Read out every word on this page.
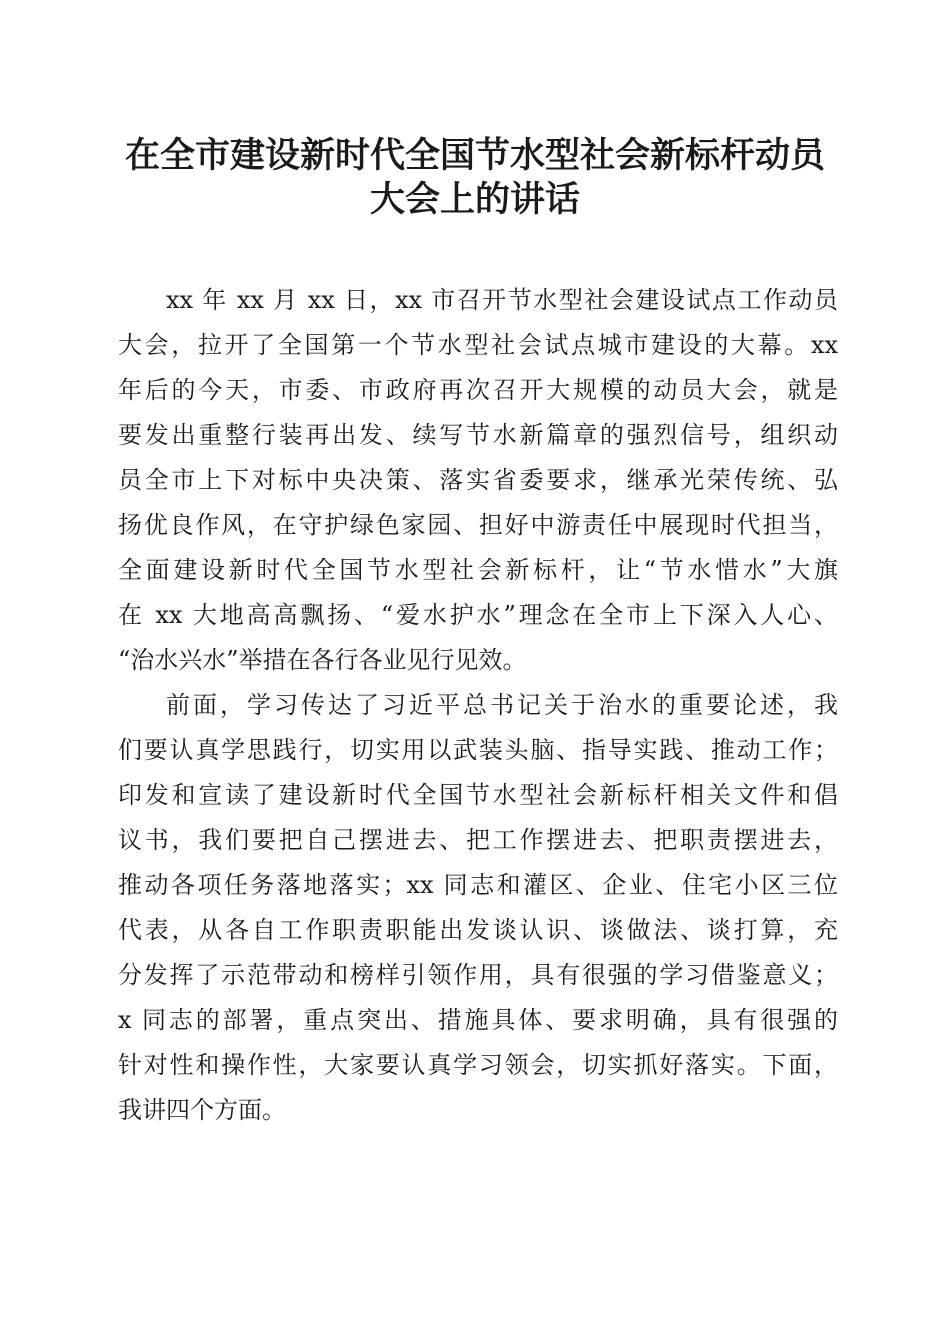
在全市建设新时代全国节水型社会新标杆动员
大会上的讲话

xx 年 xx 月 xx 日，xx 市召开节水型社会建设试点工作动员
大会，拉开了全国第一个节水型社会试点城市建设的大幕。xx
年后的今天，市委、市政府再次召开大规模的动员大会，就是
要发出重整行装再出发、续写节水新篇章的强烈信号，组织动
员全市上下对标中央决策、落实省委要求，继承光荣传统、弘
扬优良作风，在守护绿色家园、担好中游责任中展现时代担当，
全面建设新时代全国节水型社会新标杆，让“节水惜水”大旗
在 xx 大地高高飘扬、“爱水护水”理念在全市上下深入人心、
“治水兴水”举措在各行各业见行见效。

前面，学习传达了习近平总书记关于治水的重要论述，我
们要认真学思践行，切实用以武装头脑、指导实践、推动工作；
印发和宣读了建设新时代全国节水型社会新标杆相关文件和倡
议书，我们要把自己摆进去、把工作摆进去、把职责摆进去，
推动各项任务落地落实；xx 同志和灌区、企业、住宅小区三位
代表，从各自工作职责职能出发谈认识、谈做法、谈打算，充
分发挥了示范带动和榜样引领作用，具有很强的学习借鉴意义；
x 同志的部署，重点突出、措施具体、要求明确，具有很强的
针对性和操作性，大家要认真学习领会，切实抓好落实。下面，
我讲四个方面。
